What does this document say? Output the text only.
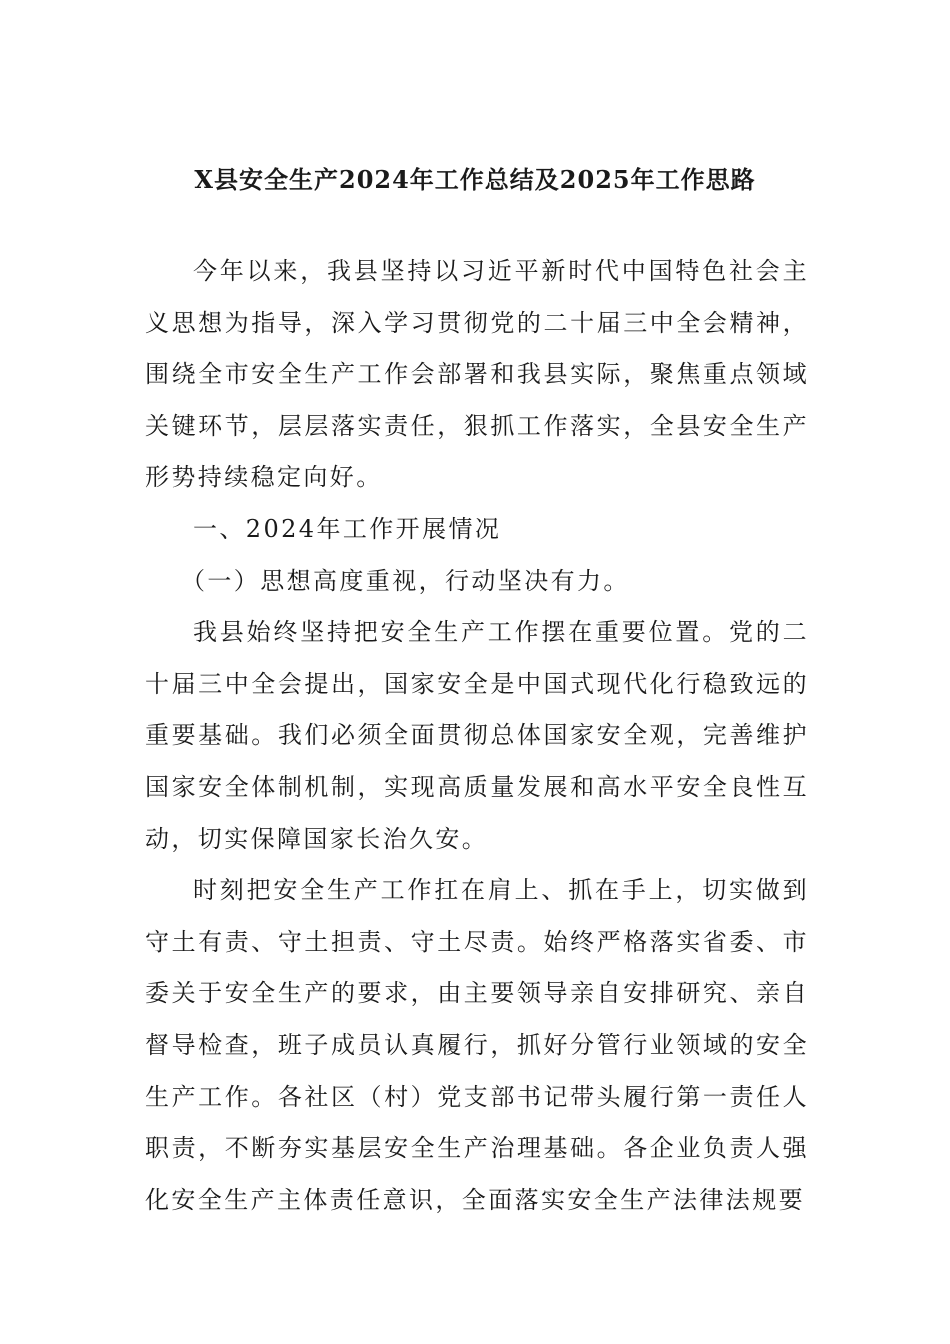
X县安全生产2024年工作总结及2025年工作思路

今年以来，我县坚持以习近平新时代中国特色社会主义思想为指导，深入学习贯彻党的二十届三中全会精神，围绕全市安全生产工作会部署和我县实际，聚焦重点领域关键环节，层层落实责任，狠抓工作落实，全县安全生产形势持续稳定向好。

一、2024年工作开展情况

（一）思想高度重视，行动坚决有力。

我县始终坚持把安全生产工作摆在重要位置。党的二十届三中全会提出，国家安全是中国式现代化行稳致远的重要基础。我们必须全面贯彻总体国家安全观，完善维护国家安全体制机制，实现高质量发展和高水平安全良性互动，切实保障国家长治久安。

时刻把安全生产工作扛在肩上、抓在手上，切实做到守土有责、守土担责、守土尽责。始终严格落实省委、市委关于安全生产的要求，由主要领导亲自安排研究、亲自督导检查，班子成员认真履行，抓好分管行业领域的安全生产工作。各社区（村）党支部书记带头履行第一责任人职责，不断夯实基层安全生产治理基础。各企业负责人强化安全生产主体责任意识，全面落实安全生产法律法规要
